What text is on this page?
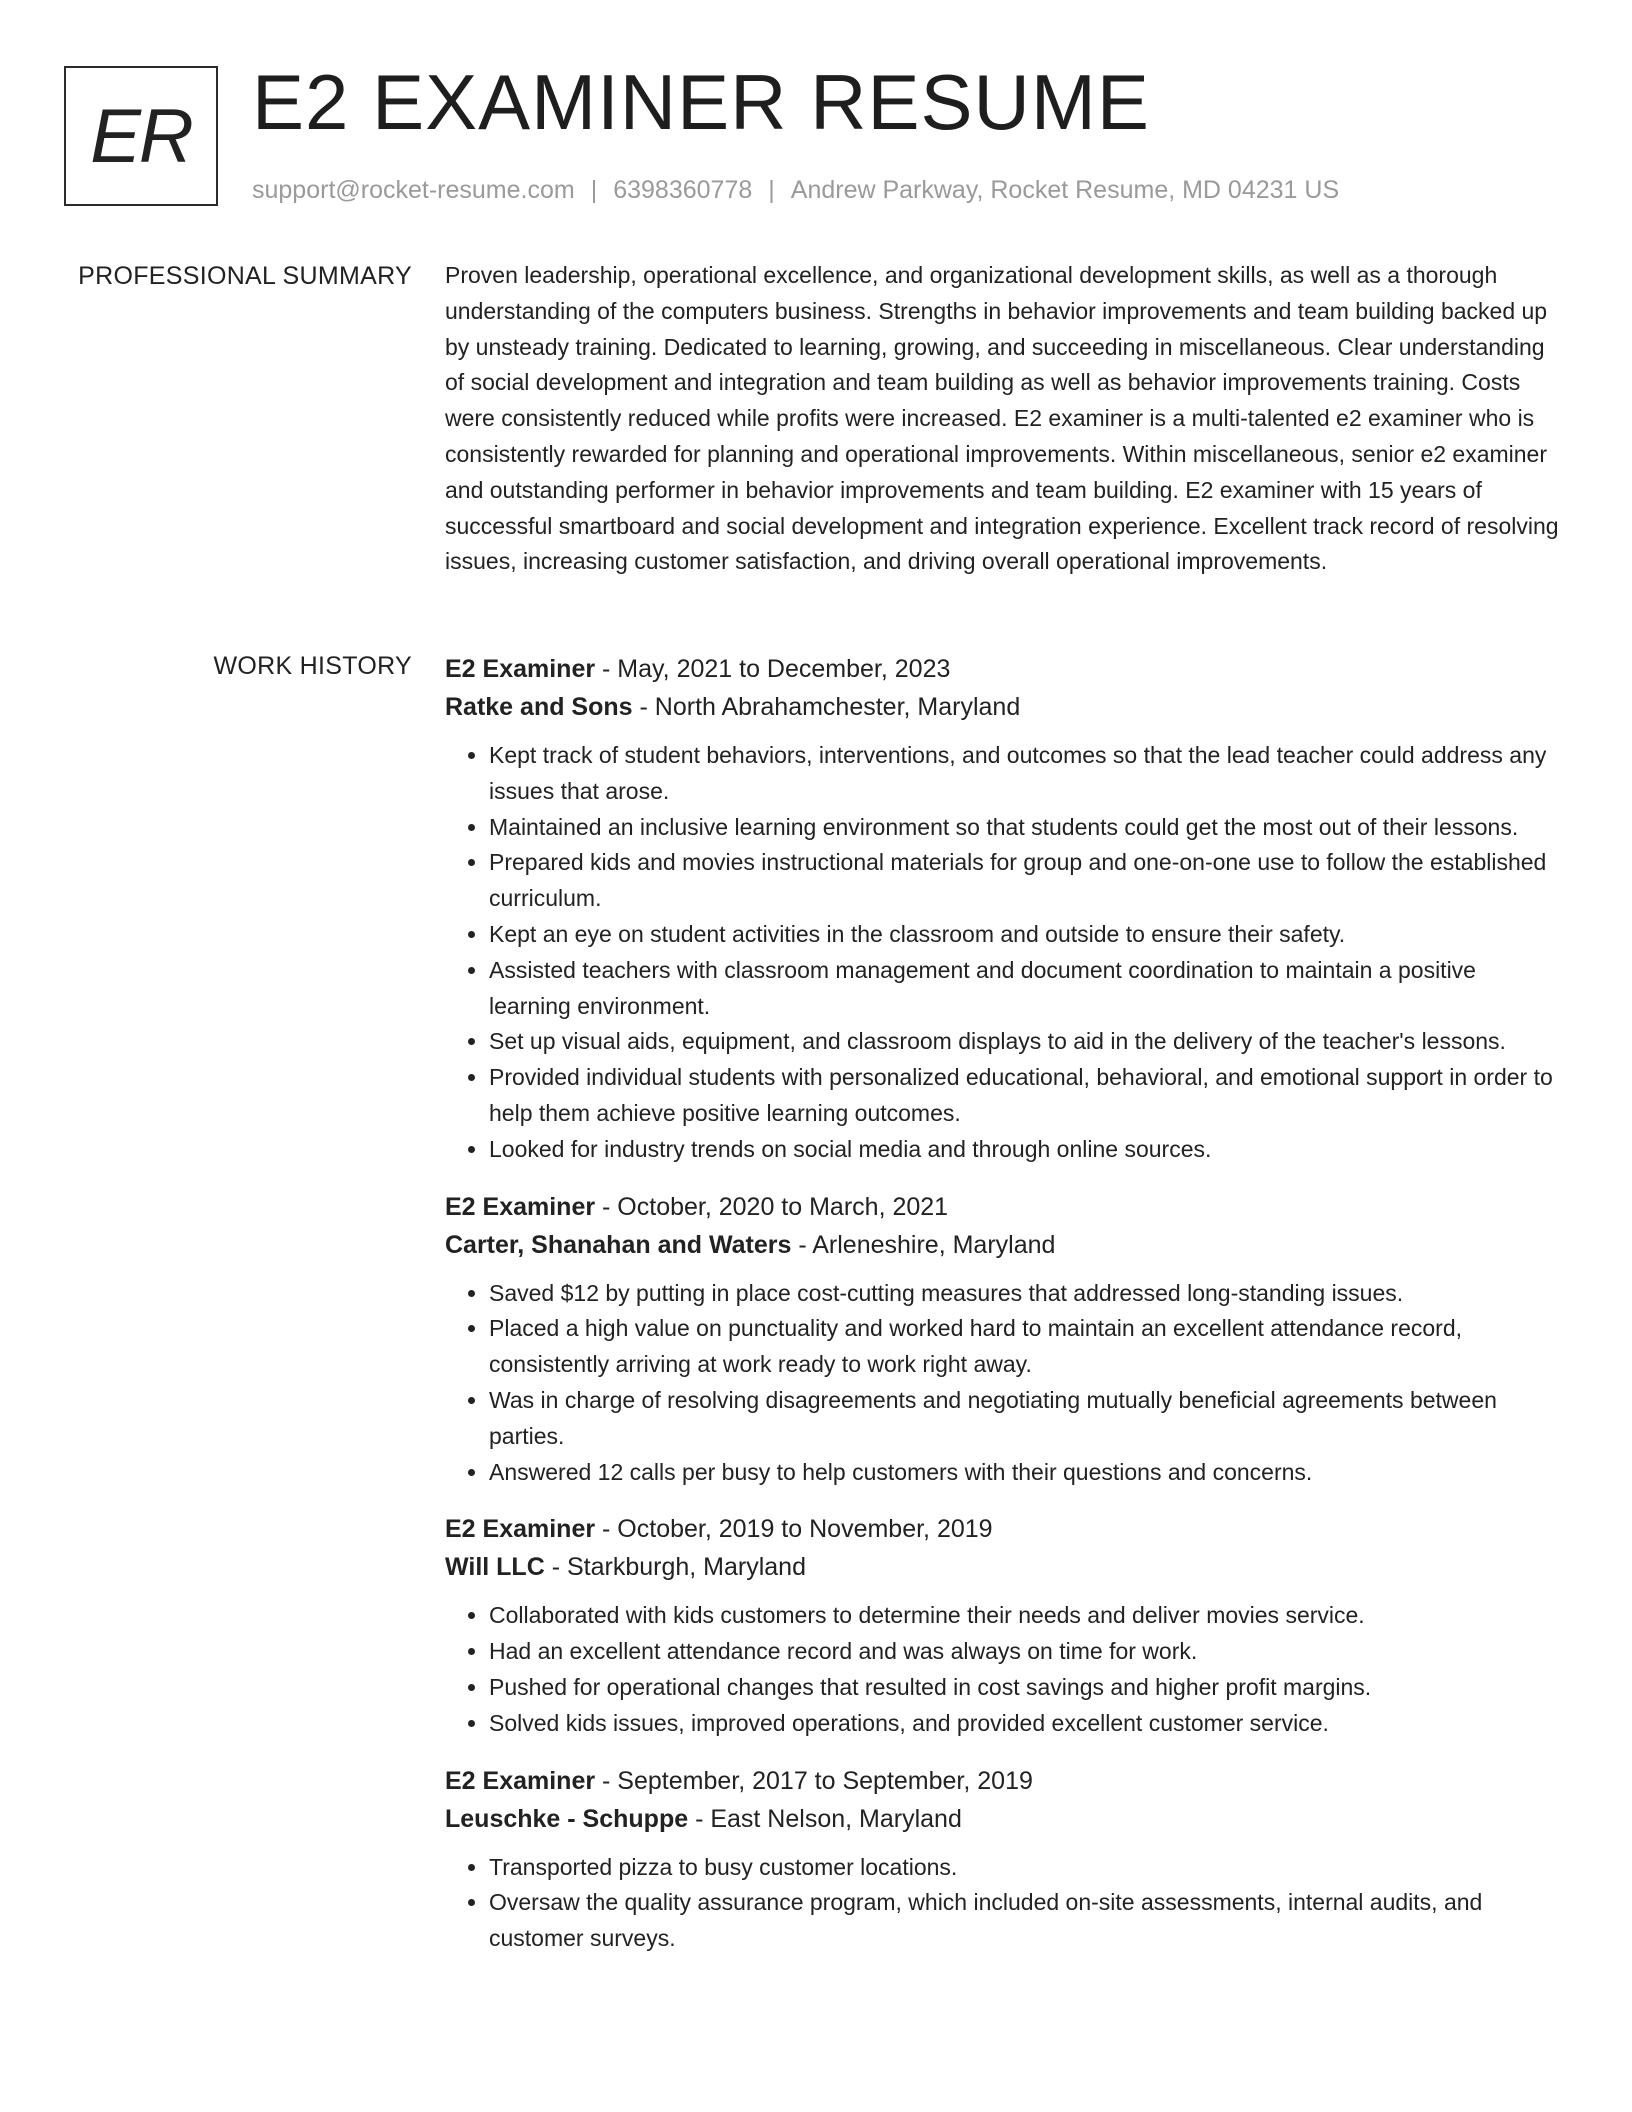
ER E2 EXAMINER RESUME

support@rocket-resume.com | 6398360778 | Andrew Parkway, Rocket Resume, MD 04231 US

PROFESSIONAL SUMMARY Proven leadership, operational excellence, and organizational development skills, as well as a thorough understanding of the computers business. Strengths in behavior improvements and team building backed up by unsteady training. Dedicated to learning, growing, and succeeding in miscellaneous. Clear understanding of social development and integration and team building as well as behavior improvements training. Costs were consistently reduced while profits were increased. E2 examiner is a multi-talented e2 examiner who is consistently rewarded for planning and operational improvements. Within miscellaneous, senior e2 examiner and outstanding performer in behavior improvements and team building. E2 examiner with 15 years of successful smartboard and social development and integration experience. Excellent track record of resolving issues, increasing customer satisfaction, and driving overall operational improvements.

WORK HISTORY E2 Examiner - May, 2021 to December, 2023

Ratke and Sons - North Abrahamchester, Maryland

• Kept track of student behaviors, interventions, and outcomes so that the lead teacher could address any issues that arose.
• Maintained an inclusive learning environment so that students could get the most out of their lessons.
• Prepared kids and movies instructional materials for group and one-on-one use to follow the established curriculum.
• Kept an eye on student activities in the classroom and outside to ensure their safety.
• Assisted teachers with classroom management and document coordination to maintain a positive learning environment.
• Set up visual aids, equipment, and classroom displays to aid in the delivery of the teacher's lessons.
• Provided individual students with personalized educational, behavioral, and emotional support in order to help them achieve positive learning outcomes.
• Looked for industry trends on social media and through online sources.

E2 Examiner - October, 2020 to March, 2021

Carter, Shanahan and Waters - Arleneshire, Maryland

• Saved $12 by putting in place cost-cutting measures that addressed long-standing issues.
• Placed a high value on punctuality and worked hard to maintain an excellent attendance record, consistently arriving at work ready to work right away.
• Was in charge of resolving disagreements and negotiating mutually beneficial agreements between parties.
• Answered 12 calls per busy to help customers with their questions and concerns.

E2 Examiner - October, 2019 to November, 2019

Will LLC - Starkburgh, Maryland

• Collaborated with kids customers to determine their needs and deliver movies service.
• Had an excellent attendance record and was always on time for work.
• Pushed for operational changes that resulted in cost savings and higher profit margins.
• Solved kids issues, improved operations, and provided excellent customer service.

E2 Examiner - September, 2017 to September, 2019

Leuschke - Schuppe - East Nelson, Maryland

• Transported pizza to busy customer locations.
• Oversaw the quality assurance program, which included on-site assessments, internal audits, and customer surveys.
